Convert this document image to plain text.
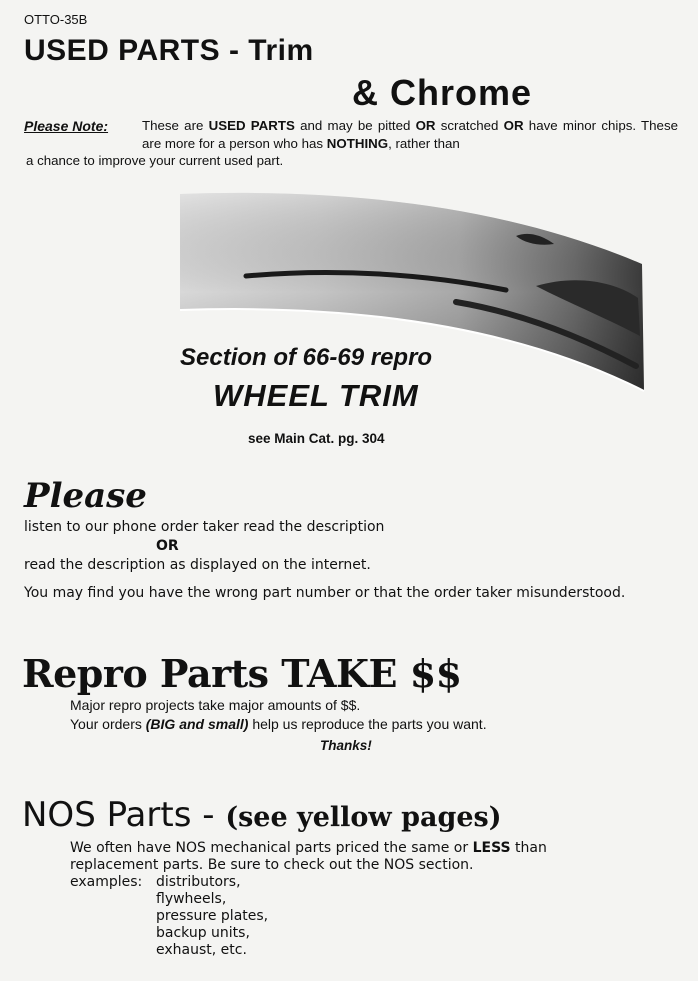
OTTO-35B
USED PARTS - Trim
& Chrome
Please Note:	These are USED PARTS and may be pitted OR scratched OR have minor chips. These are more for a person who has NOTHING, rather than
a chance to improve your current used part.
Section of 66-69 repro
WHEEL TRIM
see Main Cat. pg. 304
Please
listen to our phone order taker read the description
OR
read the description as displayed on the internet.
You may find you have the wrong part number or that the order taker misunderstood.
Repro Parts TAKE $$
Major repro projects take major amounts of $$.
Your orders (BIG and small) help us reproduce the parts you want.
Thanks!
NOS Parts - (see yellow pages)

We often have NOS mechanical parts priced the same or LESS than

replacement parts. Be sure to check out the NOS section.

examples: distributors,
flywheels,
pressure plates,
backup units,
exhaust, etc.
